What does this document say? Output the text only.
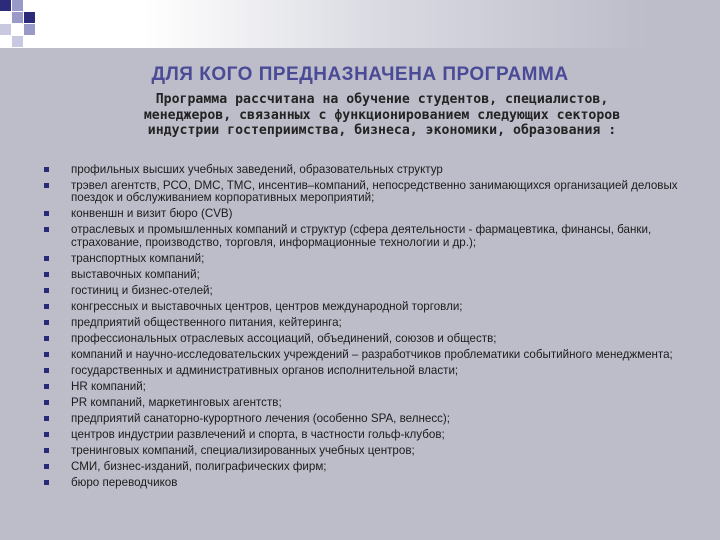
ДЛЯ КОГО ПРЕДНАЗНАЧЕНА ПРОГРАММА
Программа рассчитана на обучение студентов, специалистов, менеджеров, связанных с функционированием следующих секторов индустрии гостеприимства, бизнеса, экономики, образования :
профильных высших учебных заведений, образовательных структур
трэвел агентств, РСО, DMC, TMC, инсентив–компаний, непосредственно занимающихся организацией деловых поездок и обслуживанием корпоративных мероприятий;
конвеншн и визит бюро (CVB)
отраслевых и промышленных компаний и структур (сфера деятельности - фармацевтика, финансы, банки, страхование, производство, торговля, информационные технологии и др.);
транспортных компаний;
выставочных компаний;
гостиниц и бизнес-отелей;
конгрессных и выставочных центров, центров международной торговли;
предприятий общественного питания, кейтеринга;
профессиональных отраслевых ассоциаций, объединений, союзов и обществ;
компаний и научно-исследовательских учреждений – разработчиков проблематики событийного менеджмента;
государственных и административных органов исполнительной власти;
HR компаний;
PR компаний, маркетинговых агентств;
предприятий санаторно-курортного лечения (особенно SPA, велнесс);
центров индустрии развлечений и спорта, в частности гольф-клубов;
тренинговых компаний, специализированных учебных центров;
СМИ, бизнес-изданий, полиграфических фирм;
бюро переводчиков
